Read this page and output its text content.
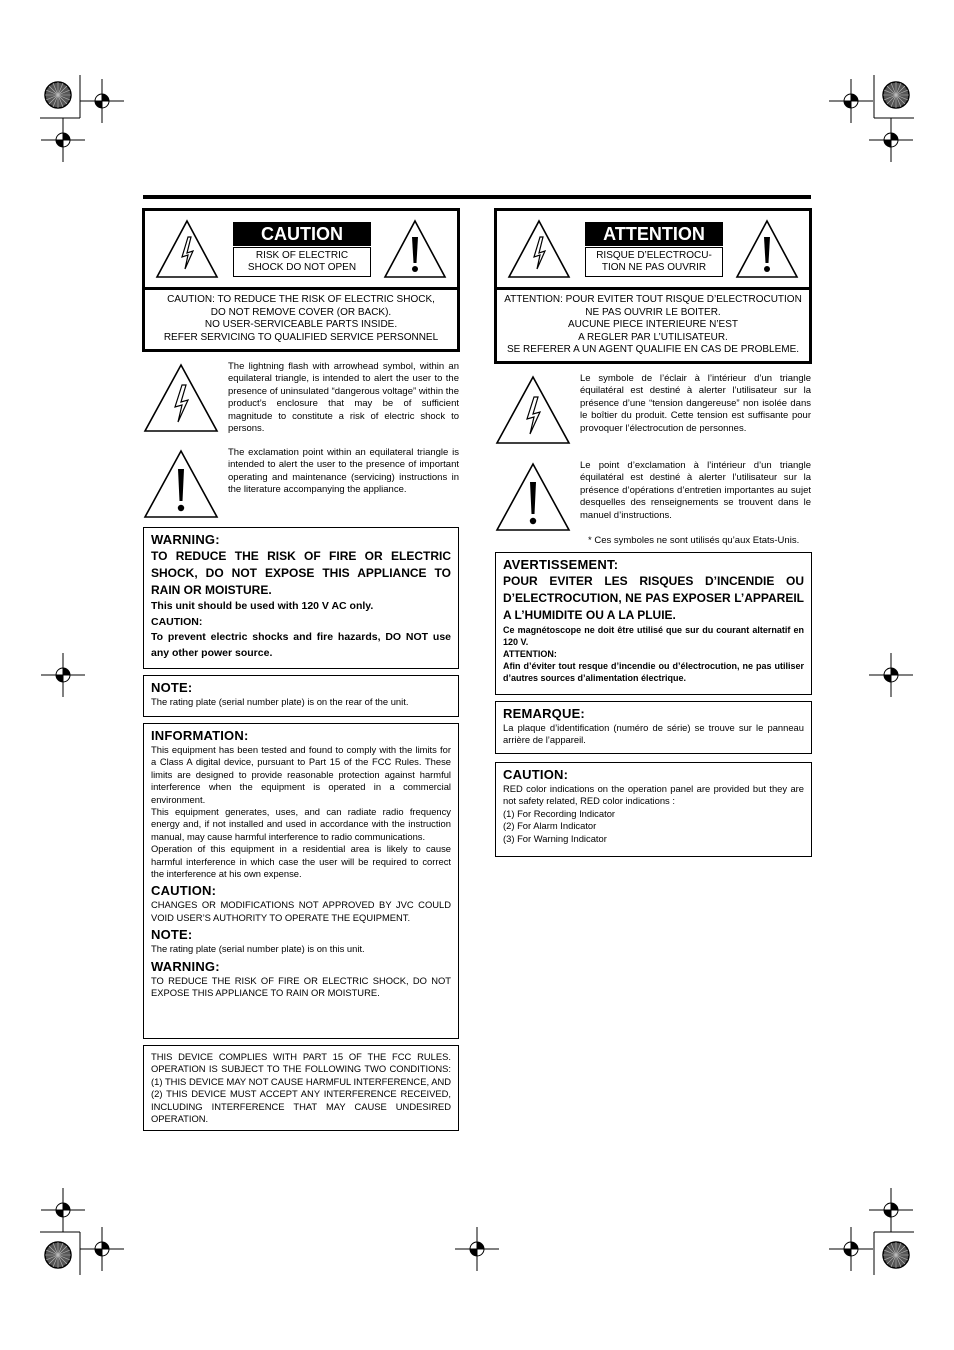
CAUTION
RISK OF ELECTRIC
SHOCK DO NOT OPEN
CAUTION: TO REDUCE THE RISK OF ELECTRIC SHOCK,
DO NOT REMOVE COVER (OR BACK).
NO USER-SERVICEABLE PARTS INSIDE.
REFER SERVICING TO QUALIFIED SERVICE PERSONNEL
The lightning flash with arrowhead symbol, within an equilateral triangle, is intended to alert the user to the presence of uninsulated “dangerous voltage” within the product’s enclosure that may be of sufficient magnitude to constitute a risk of electric shock to persons.
The exclamation point within an equilateral triangle is intended to alert the user to the presence of important operating and maintenance (servicing) instructions in the literature accompanying the appliance.
WARNING:
TO REDUCE THE RISK OF FIRE OR ELECTRIC SHOCK, DO NOT EXPOSE THIS APPLIANCE TO RAIN OR MOISTURE.
This unit should be used with 120 V AC only.
CAUTION:
To prevent electric shocks and fire hazards, DO NOT use any other power source.
NOTE:
The rating plate (serial number plate) is on the rear of the unit.
INFORMATION:
This equipment has been tested and found to comply with the limits for a Class A digital device, pursuant to Part 15 of the FCC Rules. These limits are designed to provide reasonable protection against harmful interference when the equipment is operated in a commercial environment.
This equipment generates, uses, and can radiate radio frequency energy and, if not installed and used in accordance with the instruction manual, may cause harmful interference to radio communications.
Operation of this equipment in a residential area is likely to cause harmful interference in which case the user will be required to correct the interference at his own expense.
CAUTION:
CHANGES OR MODIFICATIONS NOT APPROVED BY JVC COULD VOID USER’S AUTHORITY TO OPERATE THE EQUIPMENT.
NOTE:
The rating plate (serial number plate) is on this unit.
WARNING:
TO REDUCE THE RISK OF FIRE OR ELECTRIC SHOCK, DO NOT EXPOSE THIS APPLIANCE TO RAIN OR MOISTURE.
THIS DEVICE COMPLIES WITH PART 15 OF THE FCC RULES. OPERATION IS SUBJECT TO THE FOLLOWING TWO CONDITIONS: (1) THIS DEVICE MAY NOT CAUSE HARMFUL INTERFERENCE, AND (2) THIS DEVICE MUST ACCEPT ANY INTERFERENCE RECEIVED, INCLUDING INTERFERENCE THAT MAY CAUSE UNDESIRED OPERATION.
ATTENTION
RISQUE D’ELECTROCU-
TION NE PAS OUVRIR
ATTENTION: POUR EVITER TOUT RISQUE D’ELECTROCUTION
NE PAS OUVRIR LE BOITER.
AUCUNE PIECE INTERIEURE N’EST
A REGLER PAR L’UTILISATEUR.
SE REFERER A UN AGENT QUALIFIE EN CAS DE PROBLEME.
Le symbole de l’éclair à l’intérieur d’un triangle équilatéral est destiné à alerter l’utilisateur sur la présence d’une “tension dangereuse” non isolée dans le boîtier du produit. Cette tension est suffisante pour provoquer l’électrocution de personnes.
Le point d’exclamation à l’intérieur d’un triangle équilatéral est destiné à alerter l’utilisateur sur la présence d’opérations d’entretien importantes au sujet desquelles des renseignements se trouvent dans le manuel d’instructions.
* Ces symboles ne sont utilisés qu’aux Etats-Unis.
AVERTISSEMENT:
POUR EVITER LES RISQUES D’INCENDIE OU D’ELECTROCUTION, NE PAS EXPOSER L’APPAREIL A L’HUMIDITE OU A LA PLUIE.
Ce magnétoscope ne doit être utilisé que sur du courant alternatif en 120 V.
ATTENTION:
Afin d’éviter tout resque d’incendie ou d’électrocution, ne pas utiliser d’autres sources d’alimentation électrique.
REMARQUE:
La plaque d’identification (numéro de série) se trouve sur le panneau arrière de l’appareil.
CAUTION:
RED color indications on the operation panel are provided but they are not safety related, RED color indications :
(1) For Recording Indicator
(2) For Alarm Indicator
(3) For Warning Indicator
